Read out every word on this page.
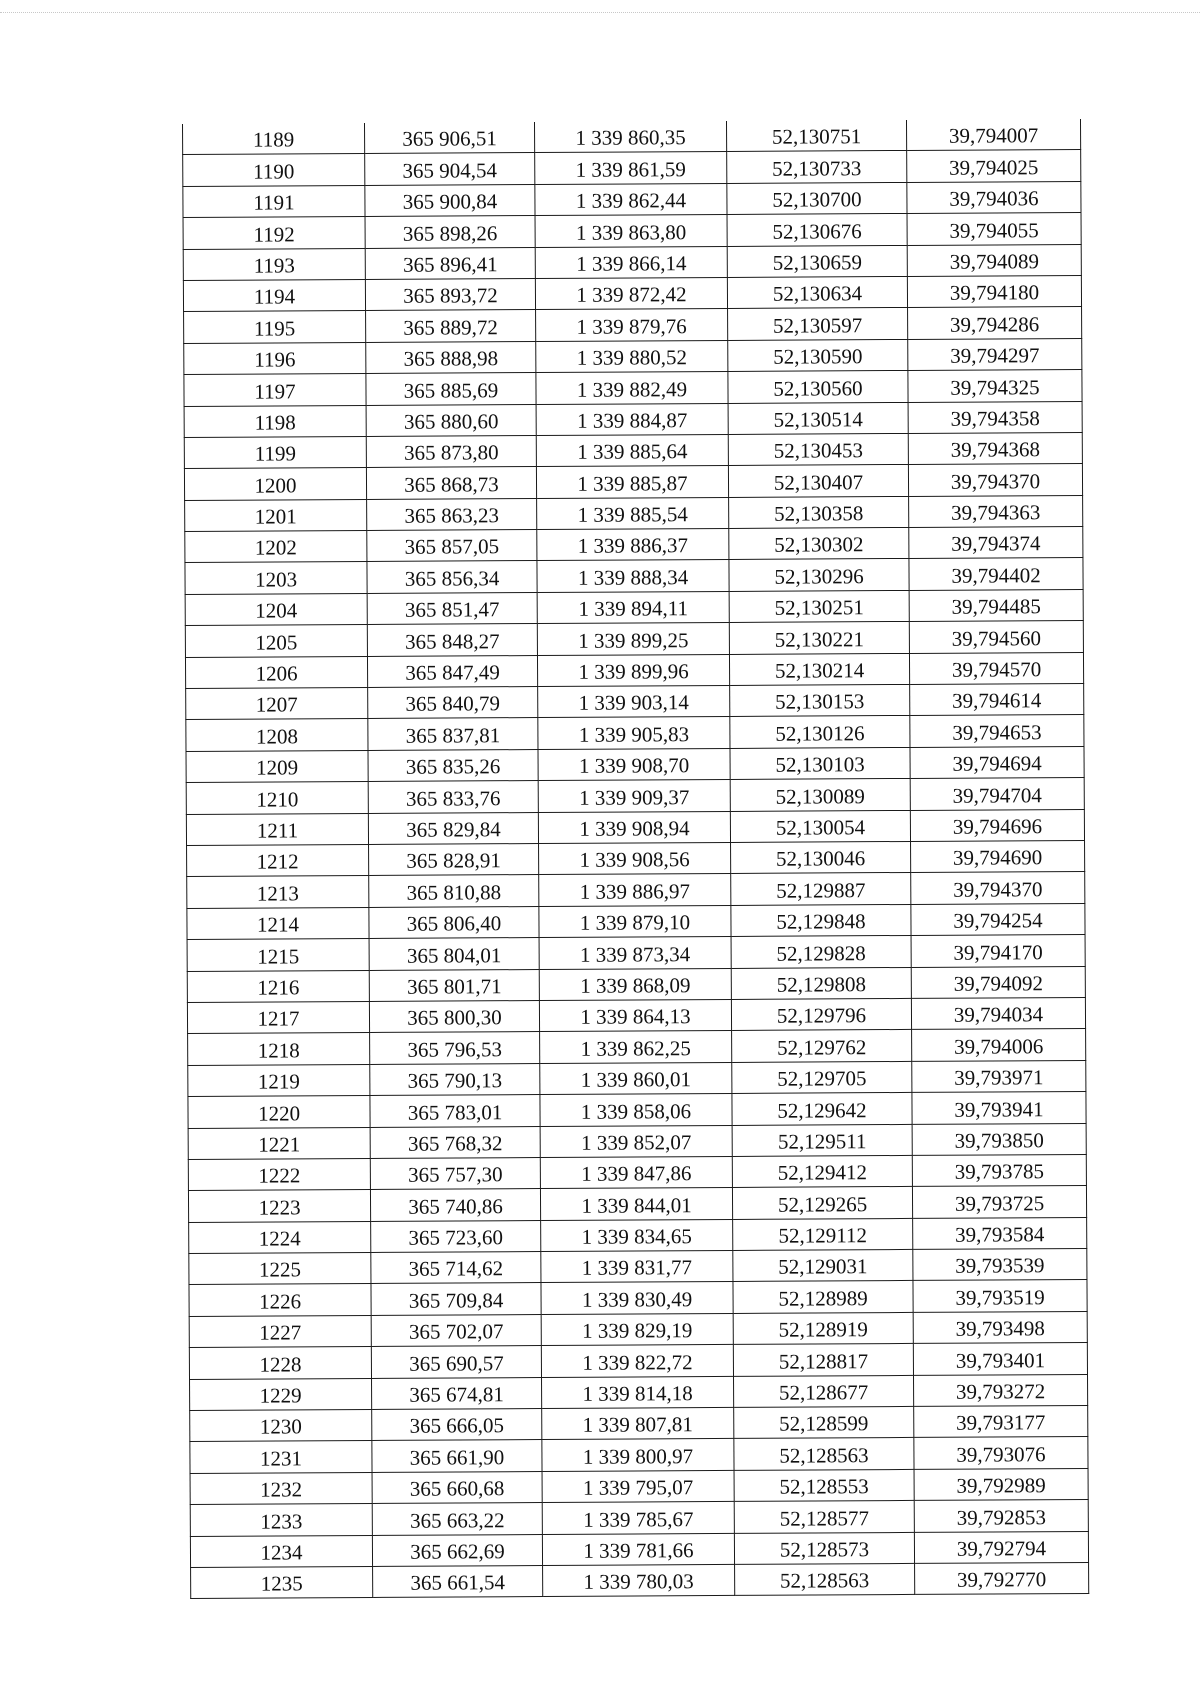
1189	365 906,51	1 339 860,35	52,130751	39,794007
1190	365 904,54	1 339 861,59	52,130733	39,794025
1191	365 900,84	1 339 862,44	52,130700	39,794036
1192	365 898,26	1 339 863,80	52,130676	39,794055
1193	365 896,41	1 339 866,14	52,130659	39,794089
1194	365 893,72	1 339 872,42	52,130634	39,794180
1195	365 889,72	1 339 879,76	52,130597	39,794286
1196	365 888,98	1 339 880,52	52,130590	39,794297
1197	365 885,69	1 339 882,49	52,130560	39,794325
1198	365 880,60	1 339 884,87	52,130514	39,794358
1199	365 873,80	1 339 885,64	52,130453	39,794368
1200	365 868,73	1 339 885,87	52,130407	39,794370
1201	365 863,23	1 339 885,54	52,130358	39,794363
1202	365 857,05	1 339 886,37	52,130302	39,794374
1203	365 856,34	1 339 888,34	52,130296	39,794402
1204	365 851,47	1 339 894,11	52,130251	39,794485
1205	365 848,27	1 339 899,25	52,130221	39,794560
1206	365 847,49	1 339 899,96	52,130214	39,794570
1207	365 840,79	1 339 903,14	52,130153	39,794614
1208	365 837,81	1 339 905,83	52,130126	39,794653
1209	365 835,26	1 339 908,70	52,130103	39,794694
1210	365 833,76	1 339 909,37	52,130089	39,794704
1211	365 829,84	1 339 908,94	52,130054	39,794696
1212	365 828,91	1 339 908,56	52,130046	39,794690
1213	365 810,88	1 339 886,97	52,129887	39,794370
1214	365 806,40	1 339 879,10	52,129848	39,794254
1215	365 804,01	1 339 873,34	52,129828	39,794170
1216	365 801,71	1 339 868,09	52,129808	39,794092
1217	365 800,30	1 339 864,13	52,129796	39,794034
1218	365 796,53	1 339 862,25	52,129762	39,794006
1219	365 790,13	1 339 860,01	52,129705	39,793971
1220	365 783,01	1 339 858,06	52,129642	39,793941
1221	365 768,32	1 339 852,07	52,129511	39,793850
1222	365 757,30	1 339 847,86	52,129412	39,793785
1223	365 740,86	1 339 844,01	52,129265	39,793725
1224	365 723,60	1 339 834,65	52,129112	39,793584
1225	365 714,62	1 339 831,77	52,129031	39,793539
1226	365 709,84	1 339 830,49	52,128989	39,793519
1227	365 702,07	1 339 829,19	52,128919	39,793498
1228	365 690,57	1 339 822,72	52,128817	39,793401
1229	365 674,81	1 339 814,18	52,128677	39,793272
1230	365 666,05	1 339 807,81	52,128599	39,793177
1231	365 661,90	1 339 800,97	52,128563	39,793076
1232	365 660,68	1 339 795,07	52,128553	39,792989
1233	365 663,22	1 339 785,67	52,128577	39,792853
1234	365 662,69	1 339 781,66	52,128573	39,792794
1235	365 661,54	1 339 780,03	52,128563	39,792770
